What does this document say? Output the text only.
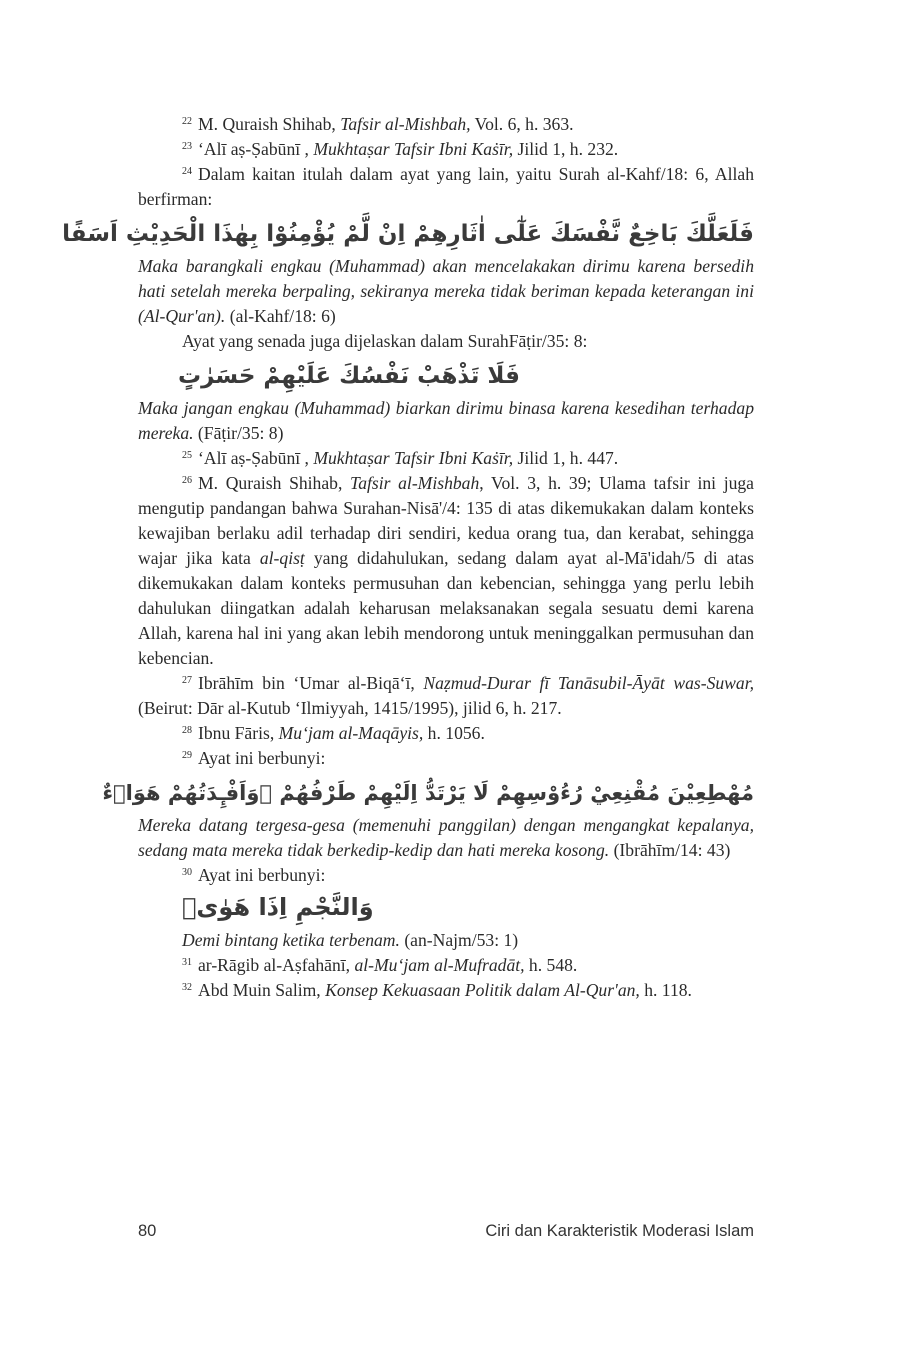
$^{22}$ M. Quraish Shihab, Tafsir al-Mishbah, Vol. 6, h. 363.

$^{23}$ ‘Alī aṣ-Ṣabūnī , Mukhtaṣar Tafsir Ibni Kaṡīr, Jilid 1, h. 232.

$^{24}$ Dalam kaitan itulah dalam ayat yang lain, yaitu Surah al-Kahf/18: 6, Allah berfirman:

فَلَعَلَّكَ بَاخِعٌ نَّفْسَكَ عَلٰٓى اٰثَارِهِمْ اِنْ لَّمْ يُؤْمِنُوْا بِهٰذَا الْحَدِيْثِ اَسَفًا

Maka barangkali engkau (Muhammad) akan mencelakakan dirimu karena bersedih hati setelah mereka berpaling, sekiranya mereka tidak beriman kepada keterangan ini (Al-Qur'an). (al-Kahf/18: 6)

Ayat yang senada juga dijelaskan dalam SurahFāṭir/35: 8:

فَلَا تَذْهَبْ نَفْسُكَ عَلَيْهِمْ حَسَرٰتٍ

Maka jangan engkau (Muhammad) biarkan dirimu binasa karena kesedihan terhadap mereka. (Fāṭir/35: 8)

$^{25}$ ‘Alī aṣ-Ṣabūnī , Mukhtaṣar Tafsir Ibni Kaṡīr, Jilid 1, h. 447.

$^{26}$ M. Quraish Shihab, Tafsir al-Mishbah, Vol. 3, h. 39; Ulama tafsir ini juga mengutip pandangan bahwa Surahan-Nisā'/4: 135 di atas dikemukakan dalam konteks kewajiban berlaku adil terhadap diri sendiri, kedua orang tua, dan kerabat, sehingga wajar jika kata al-qisṭ yang didahulukan, sedang dalam ayat al-Mā'idah/5 di atas dikemukakan dalam konteks permusuhan dan kebencian, sehingga yang perlu lebih dahulukan diingatkan adalah keharusan melaksanakan segala sesuatu demi karena Allah, karena hal ini yang akan lebih mendorong untuk meninggalkan permusuhan dan kebencian.

$^{27}$ Ibrāhīm bin ‘Umar al-Biqā‘ī, Naẓmud-Durar fī Tanāsubil-Āyāt was-Suwar, (Beirut: Dār al-Kutub ‘Ilmiyyah, 1415/1995), jilid 6, h. 217.

$^{28}$ Ibnu Fāris, Mu‘jam al-Maqāyis, h. 1056.

$^{29}$ Ayat ini berbunyi:

مُهْطِعِيْنَ مُقْنِعِيْ رُءُوْسِهِمْ لَا يَرْتَدُّ اِلَيْهِمْ طَرْفُهُمْ ۚوَاَفْـِٕدَتُهُمْ هَوَاۤءٌ

Mereka datang tergesa-gesa (memenuhi panggilan) dengan mengangkat kepalanya, sedang mata mereka tidak berkedip-kedip dan hati mereka kosong. (Ibrāhīm/14: 43)

$^{30}$ Ayat ini berbunyi:

وَالنَّجْمِ اِذَا هَوٰىۙ

Demi bintang ketika terbenam. (an-Najm/53: 1)

$^{31}$ ar-Rāgib al-Aṣfahānī, al-Mu‘jam al-Mufradāt, h. 548.

$^{32}$ Abd Muin Salim, Konsep Kekuasaan Politik dalam Al-Qur'an, h. 118.

80	Ciri dan Karakteristik Moderasi Islam
